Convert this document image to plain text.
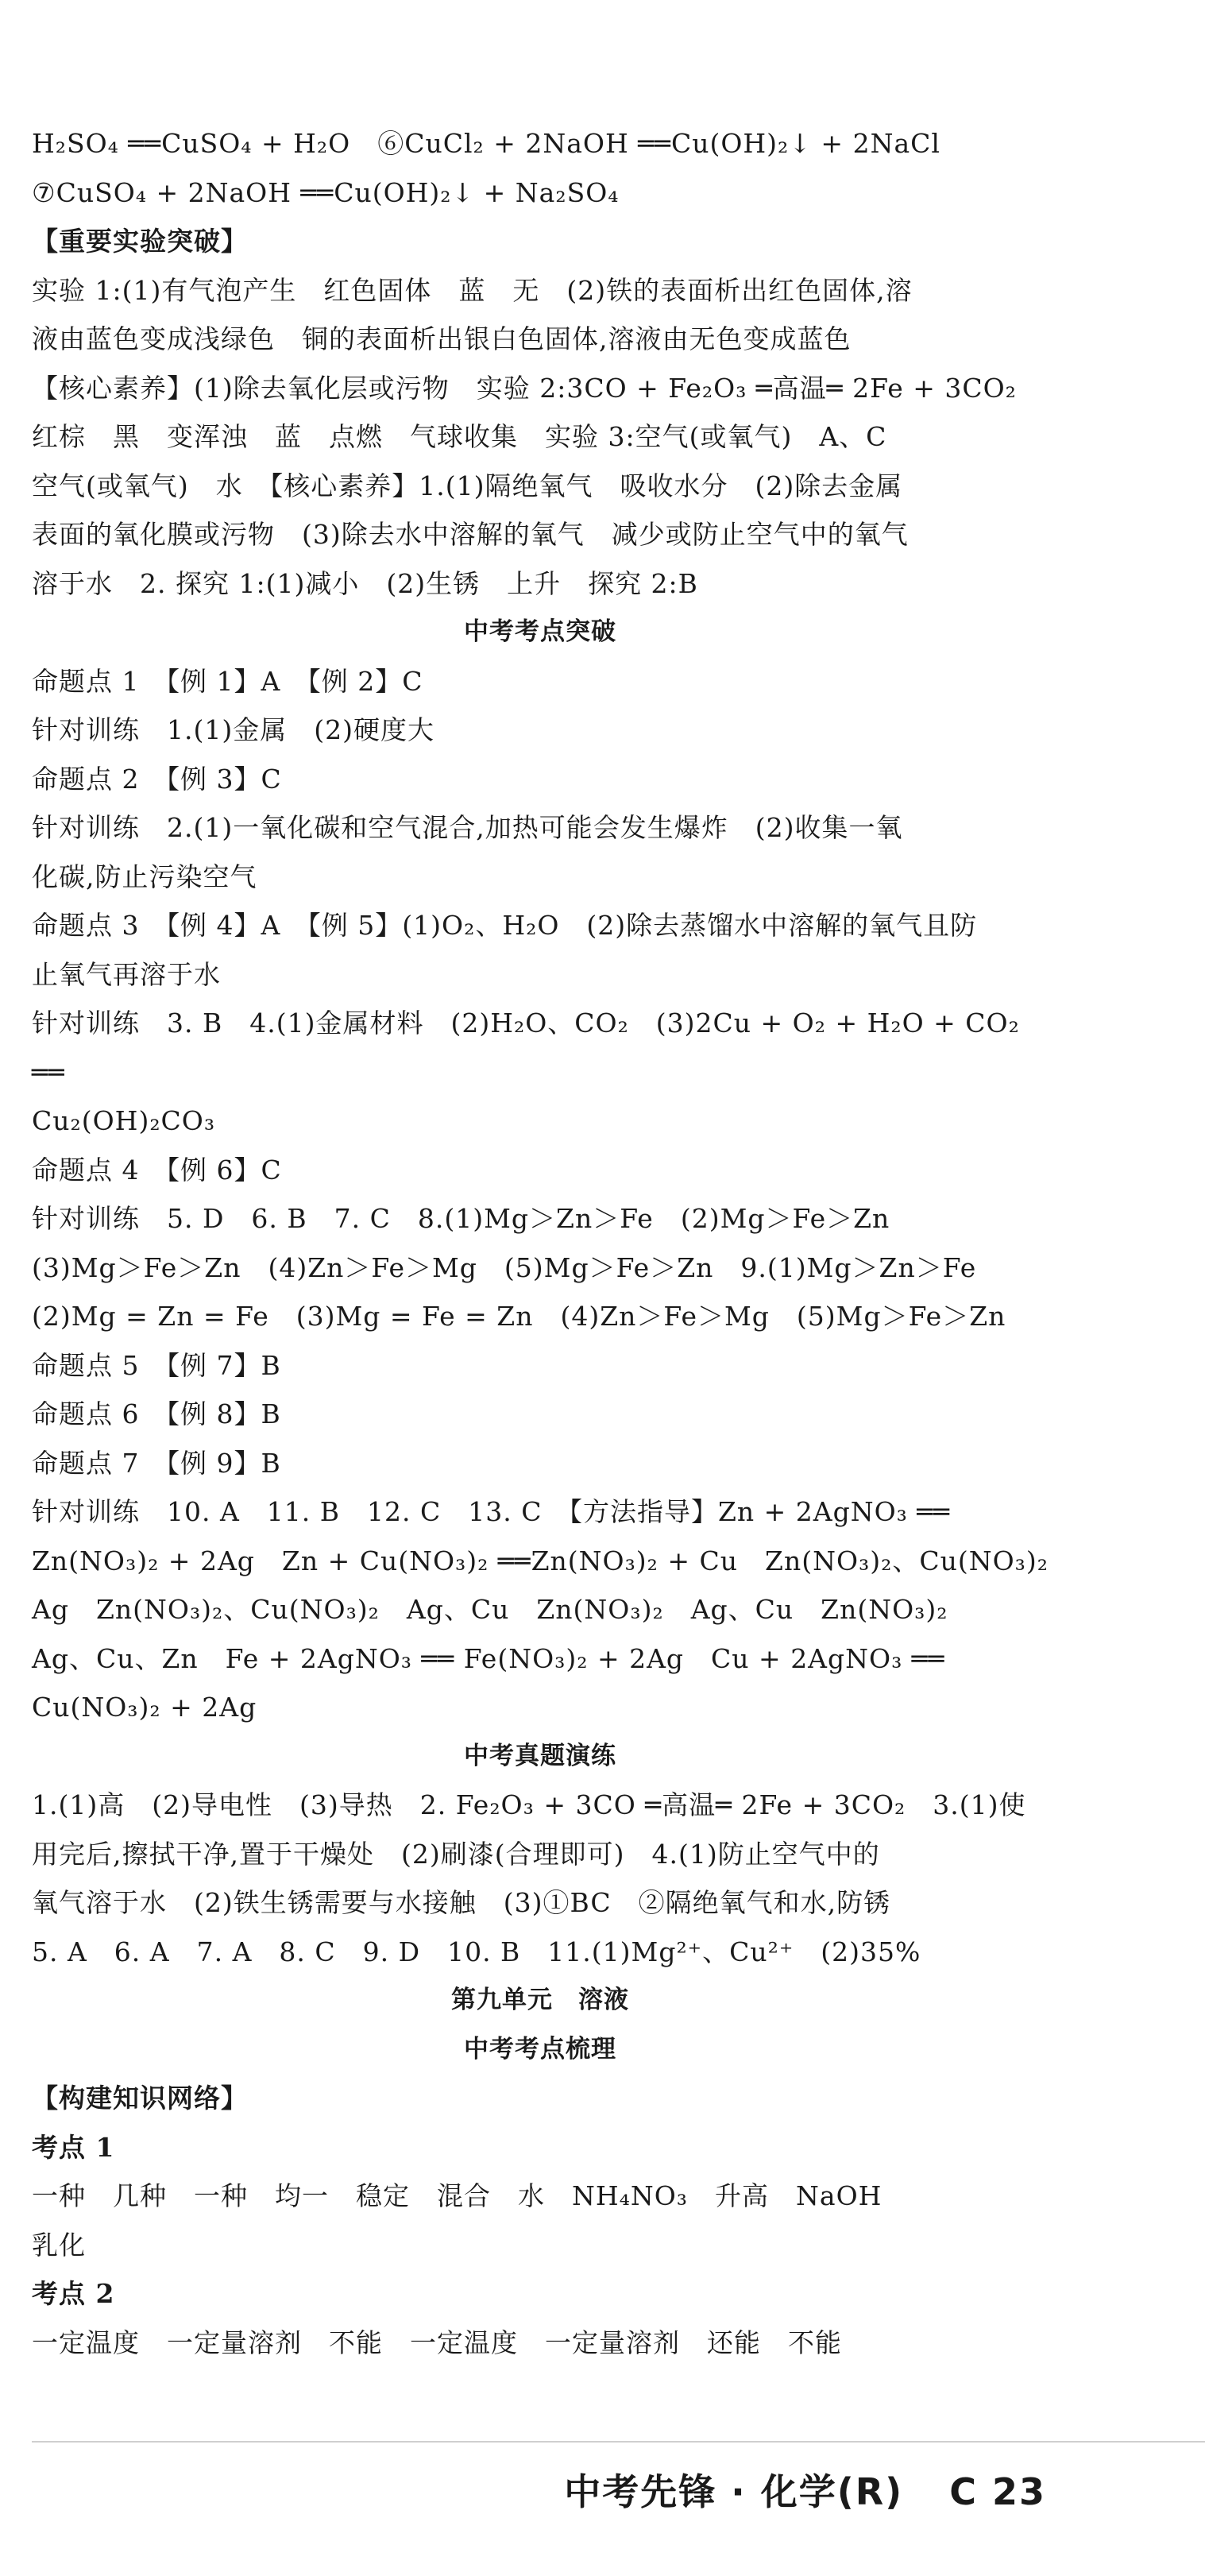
H₂SO₄ ══CuSO₄ + H₂O　⑥CuCl₂ + 2NaOH ══Cu(OH)₂↓ + 2NaCl
⑦CuSO₄ + 2NaOH ══Cu(OH)₂↓ + Na₂SO₄
【重要实验突破】
实验 1:(1)有气泡产生　红色固体　蓝　无　(2)铁的表面析出红色固体,溶
液由蓝色变成浅绿色　铜的表面析出银白色固体,溶液由无色变成蓝色
【核心素养】(1)除去氧化层或污物　实验 2:3CO + Fe₂O₃ ═高温═ 2Fe + 3CO₂
红棕　黑　变浑浊　蓝　点燃　气球收集　实验 3:空气(或氧气)　A、C
空气(或氧气)　水　【核心素养】1.(1)隔绝氧气　吸收水分　(2)除去金属
表面的氧化膜或污物　(3)除去水中溶解的氧气　减少或防止空气中的氧气
溶于水　2. 探究 1:(1)减小　(2)生锈　上升　探究 2:B
中考考点突破
命题点 1　【例 1】A　【例 2】C
针对训练　1.(1)金属　(2)硬度大
命题点 2　【例 3】C
针对训练　2.(1)一氧化碳和空气混合,加热可能会发生爆炸　(2)收集一氧
化碳,防止污染空气
命题点 3　【例 4】A　【例 5】(1)O₂、H₂O　(2)除去蒸馏水中溶解的氧气且防
止氧气再溶于水
针对训练　3. B　4.(1)金属材料　(2)H₂O、CO₂　(3)2Cu + O₂ + H₂O + CO₂ ══
Cu₂(OH)₂CO₃
命题点 4　【例 6】C
针对训练　5. D　6. B　7. C　8.(1)Mg＞Zn＞Fe　(2)Mg＞Fe＞Zn
(3)Mg＞Fe＞Zn　(4)Zn＞Fe＞Mg　(5)Mg＞Fe＞Zn　9.(1)Mg＞Zn＞Fe
(2)Mg = Zn = Fe　(3)Mg = Fe = Zn　(4)Zn＞Fe＞Mg　(5)Mg＞Fe＞Zn
命题点 5　【例 7】B
命题点 6　【例 8】B
命题点 7　【例 9】B
针对训练　10. A　11. B　12. C　13. C　【方法指导】Zn + 2AgNO₃ ══
Zn(NO₃)₂ + 2Ag　Zn + Cu(NO₃)₂ ══Zn(NO₃)₂ + Cu　Zn(NO₃)₂、Cu(NO₃)₂
Ag　Zn(NO₃)₂、Cu(NO₃)₂　Ag、Cu　Zn(NO₃)₂　Ag、Cu　Zn(NO₃)₂
Ag、Cu、Zn　Fe + 2AgNO₃ ══ Fe(NO₃)₂ + 2Ag　Cu + 2AgNO₃ ══
Cu(NO₃)₂ + 2Ag
中考真题演练
1.(1)高　(2)导电性　(3)导热　2. Fe₂O₃ + 3CO ═高温═ 2Fe + 3CO₂　3.(1)使
用完后,擦拭干净,置于干燥处　(2)刷漆(合理即可)　4.(1)防止空气中的
氧气溶于水　(2)铁生锈需要与水接触　(3)①BC　②隔绝氧气和水,防锈
5. A　6. A　7. A　8. C　9. D　10. B　11.(1)Mg²⁺、Cu²⁺　(2)35%
第九单元　溶液
中考考点梳理
【构建知识网络】
考点 1
一种　几种　一种　均一　稳定　混合　水　NH₄NO₃　升高　NaOH
乳化
考点 2
一定温度　一定量溶剂　不能　一定温度　一定量溶剂　还能　不能
中考先锋 · 化学(R) C 23
